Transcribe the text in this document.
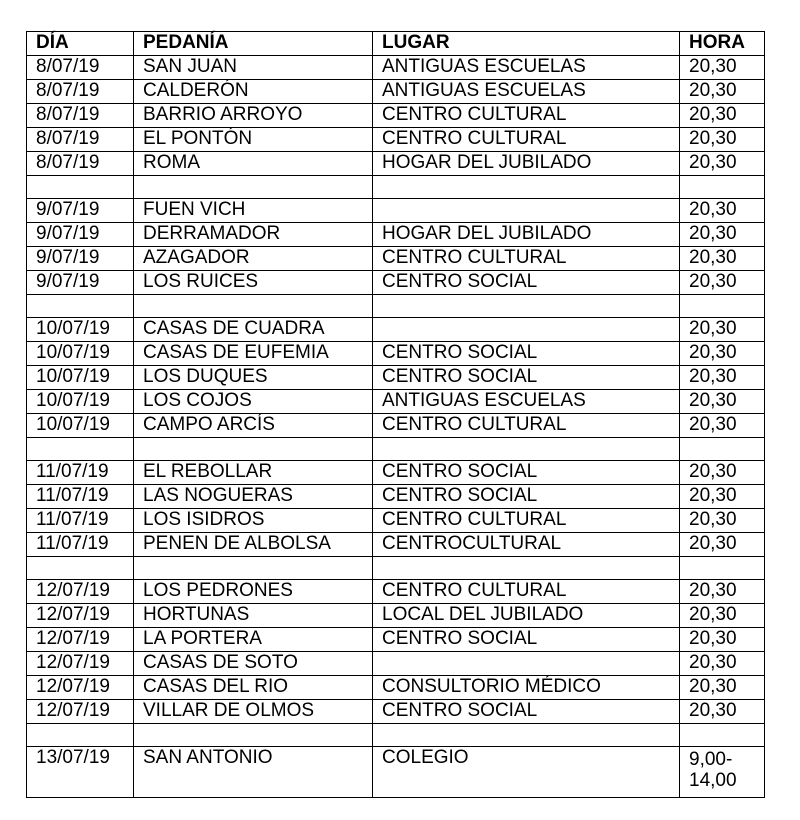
DÍA	PEDANÍA	LUGAR	HORA
8/07/19	SAN JUAN	ANTIGUAS ESCUELAS	20,30
8/07/19	CALDERÓN	ANTIGUAS ESCUELAS	20,30
8/07/19	BARRIO ARROYO	CENTRO CULTURAL	20,30
8/07/19	EL PONTÓN	CENTRO CULTURAL	20,30
8/07/19	ROMA	HOGAR DEL JUBILADO	20,30

9/07/19	FUEN VICH		20,30
9/07/19	DERRAMADOR	HOGAR DEL JUBILADO	20,30
9/07/19	AZAGADOR	CENTRO CULTURAL	20,30
9/07/19	LOS RUICES	CENTRO SOCIAL	20,30

10/07/19	CASAS DE CUADRA		20,30
10/07/19	CASAS DE EUFEMIA	CENTRO SOCIAL	20,30
10/07/19	LOS DUQUES	CENTRO SOCIAL	20,30
10/07/19	LOS COJOS	ANTIGUAS ESCUELAS	20,30
10/07/19	CAMPO ARCÍS	CENTRO CULTURAL	20,30

11/07/19	EL REBOLLAR	CENTRO SOCIAL	20,30
11/07/19	LAS NOGUERAS	CENTRO SOCIAL	20,30
11/07/19	LOS ISIDROS	CENTRO CULTURAL	20,30
11/07/19	PENEN DE ALBOLSA	CENTROCULTURAL	20,30

12/07/19	LOS PEDRONES	CENTRO CULTURAL	20,30
12/07/19	HORTUNAS	LOCAL DEL JUBILADO	20,30
12/07/19	LA PORTERA	CENTRO SOCIAL	20,30
12/07/19	CASAS DE SOTO		20,30
12/07/19	CASAS DEL RIO	CONSULTORIO MÉDICO	20,30
12/07/19	VILLAR DE OLMOS	CENTRO SOCIAL	20,30

13/07/19	SAN ANTONIO	COLEGIO	9,00-14,00
